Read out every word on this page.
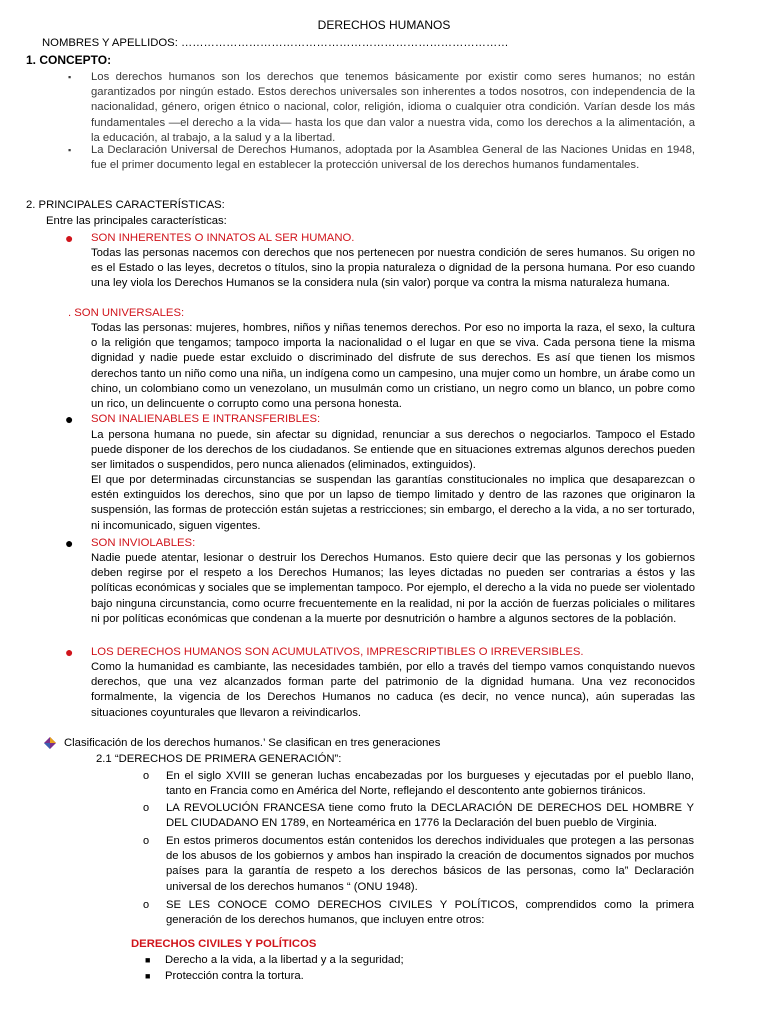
DERECHOS HUMANOS
NOMBRES Y APELLIDOS: ……………………………………………………………………………
1. CONCEPTO:
▪ Los derechos humanos son los derechos que tenemos básicamente por existir como seres humanos; no están garantizados por ningún estado. Estos derechos universales son inherentes a todos nosotros, con independencia de la nacionalidad, género, origen étnico o nacional, color, religión, idioma o cualquier otra condición. Varían desde los más fundamentales —el derecho a la vida— hasta los que dan valor a nuestra vida, como los derechos a la alimentación, a la educación, al trabajo, a la salud y a la libertad.
▪ La Declaración Universal de Derechos Humanos, adoptada por la Asamblea General de las Naciones Unidas en 1948, fue el primer documento legal en establecer la protección universal de los derechos humanos fundamentales.
2. PRINCIPALES CARACTERÍSTICAS:
Entre las principales características:
● SON INHERENTES O INNATOS AL SER HUMANO.
Todas las personas nacemos con derechos que nos pertenecen por nuestra condición de seres humanos. Su origen no es el Estado o las leyes, decretos o títulos, sino la propia naturaleza o dignidad de la persona humana. Por eso cuando una ley viola los Derechos Humanos se la considera nula (sin valor) porque va contra la misma naturaleza humana.
. SON UNIVERSALES:
Todas las personas: mujeres, hombres, niños y niñas tenemos derechos. Por eso no importa la raza, el sexo, la cultura o la religión que tengamos; tampoco importa la nacionalidad o el lugar en que se viva. Cada persona tiene la misma dignidad y nadie puede estar excluido o discriminado del disfrute de sus derechos. Es así que tienen los mismos derechos tanto un niño como una niña, un indígena como un campesino, una mujer como un hombre, un árabe como un chino, un colombiano como un venezolano, un musulmán como un cristiano, un negro como un blanco, un pobre como un rico, un delincuente o corrupto como una persona honesta.
● SON INALIENABLES E INTRANSFERIBLES:
La persona humana no puede, sin afectar su dignidad, renunciar a sus derechos o negociarlos. Tampoco el Estado puede disponer de los derechos de los ciudadanos. Se entiende que en situaciones extremas algunos derechos pueden ser limitados o suspendidos, pero nunca alienados (eliminados, extinguidos).
El que por determinadas circunstancias se suspendan las garantías constitucionales no implica que desaparezcan o estén extinguidos los derechos, sino que por un lapso de tiempo limitado y dentro de las razones que originaron la suspensión, las formas de protección están sujetas a restricciones; sin embargo, el derecho a la vida, a no ser torturado, ni incomunicado, siguen vigentes.
● SON INVIOLABLES:
Nadie puede atentar, lesionar o destruir los Derechos Humanos. Esto quiere decir que las personas y los gobiernos deben regirse por el respeto a los Derechos Humanos; las leyes dictadas no pueden ser contrarias a éstos y las políticas económicas y sociales que se implementan tampoco. Por ejemplo, el derecho a la vida no puede ser violentado bajo ninguna circunstancia, como ocurre frecuentemente en la realidad, ni por la acción de fuerzas policiales o militares ni por políticas económicas que condenan a la muerte por desnutrición o hambre a algunos sectores de la población.
● LOS DERECHOS HUMANOS SON ACUMULATIVOS, IMPRESCRIPTIBLES O IRREVERSIBLES.
Como la humanidad es cambiante, las necesidades también, por ello a través del tiempo vamos conquistando nuevos derechos, que una vez alcanzados forman parte del patrimonio de la dignidad humana. Una vez reconocidos formalmente, la vigencia de los Derechos Humanos no caduca (es decir, no vence nunca), aún superadas las situaciones coyunturales que llevaron a reivindicarlos.
Clasificación de los derechos humanos.’ Se clasifican en tres generaciones
2.1 “DERECHOS DE PRIMERA GENERACIÓN”:
o En el siglo XVIII se generan luchas encabezadas por los burgueses y ejecutadas por el pueblo llano, tanto en Francia como en América del Norte, reflejando el descontento ante gobiernos tiránicos.
o LA REVOLUCIÓN FRANCESA tiene como fruto la DECLARACIÓN DE DERECHOS DEL HOMBRE Y DEL CIUDADANO EN 1789, en Norteamérica en 1776 la Declaración del buen pueblo de Virginia.
o En estos primeros documentos están contenidos los derechos individuales que protegen a las personas de los abusos de los gobiernos y ambos han inspirado la creación de documentos signados por muchos países para la garantía de respeto a los derechos básicos de las personas, como la” Declaración universal de los derechos humanos “ (ONU 1948).
o SE LES CONOCE COMO DERECHOS CIVILES Y POLÍTICOS, comprendidos como la primera generación de los derechos humanos, que incluyen entre otros:
DERECHOS CIVILES Y POLÍTICOS
■ Derecho a la vida, a la libertad y a la seguridad;
■ Protección contra la tortura.
